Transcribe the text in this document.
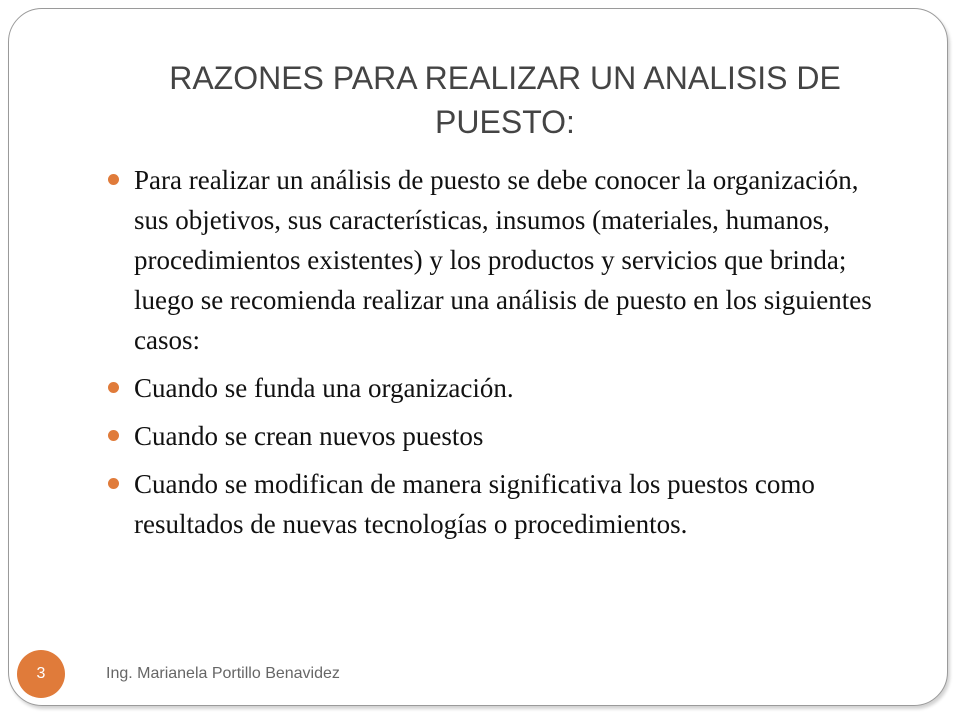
RAZONES PARA REALIZAR UN ANALISIS DE PUESTO:
Para realizar un análisis de puesto se debe conocer la organización, sus objetivos, sus características, insumos (materiales, humanos, procedimientos existentes) y los productos y servicios que brinda; luego se recomienda realizar una análisis de puesto en los siguientes casos:
Cuando se funda una organización.
Cuando se crean nuevos puestos
Cuando se modifican de manera significativa los puestos como resultados de nuevas tecnologías o procedimientos.
3	Ing. Marianela Portillo Benavidez
